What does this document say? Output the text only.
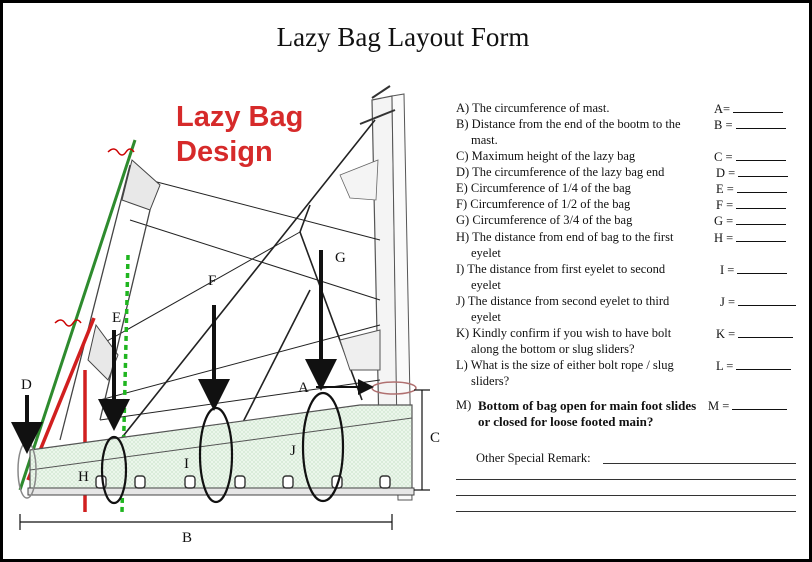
Lazy Bag Layout Form
A
B
C
D
E
F
G
H
I
J
Lazy Bag
Design
A) The circumference of mast.	A=
B) Distance from the end of the bootm to the
mast.
B =
C) Maximum height of the lazy bag	C =
D) The circumference of the lazy bag end	D =
E) Circumference of 1/4 of the bag	E =
F) Circumference of 1/2 of the bag	F =
G) Circumference of 3/4 of the bag	G =
H) The distance from end of bag to the first
eyelet
H =
I) The distance from first eyelet to second
eyelet
I =
J) The distance from second eyelet to third
eyelet
J =
K) Kindly confirm if you wish to have bolt
along the bottom or slug sliders?
K =
L) What is the size of either bolt rope / slug
sliders?
L =
M) Bottom of bag open for main foot slides or closed for loose footed main?
M =
Other Special Remark:
